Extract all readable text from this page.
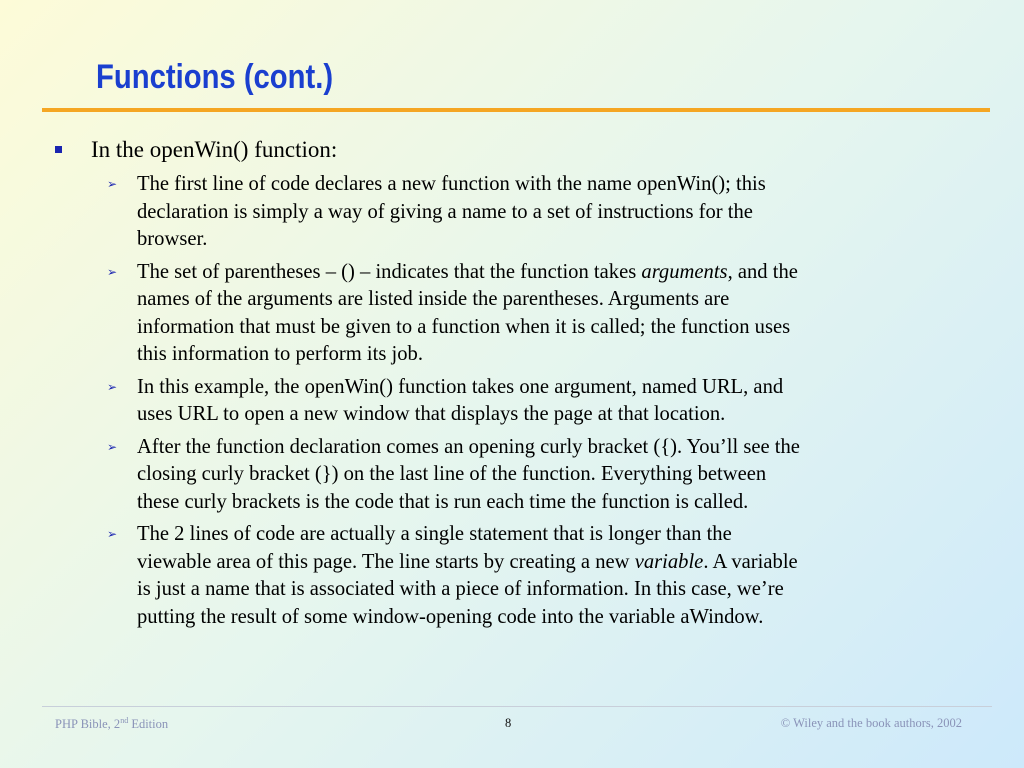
Functions (cont.)
In the openWin() function:
➢ The first line of code declares a new function with the name openWin(); this
declaration is simply a way of giving a name to a set of instructions for the
browser.
➢ The set of parentheses – () – indicates that the function takes arguments, and the
names of the arguments are listed inside the parentheses. Arguments are
information that must be given to a function when it is called; the function uses
this information to perform its job.
➢ In this example, the openWin() function takes one argument, named URL, and
uses URL to open a new window that displays the page at that location.
➢ After the function declaration comes an opening curly bracket ({). You’ll see the
closing curly bracket (}) on the last line of the function. Everything between
these curly brackets is the code that is run each time the function is called.
➢ The 2 lines of code are actually a single statement that is longer than the
viewable area of this page. The line starts by creating a new variable. A variable
is just a name that is associated with a piece of information. In this case, we’re
putting the result of some window-opening code into the variable aWindow.
PHP Bible, 2nd Edition	8	© Wiley and the book authors, 2002
